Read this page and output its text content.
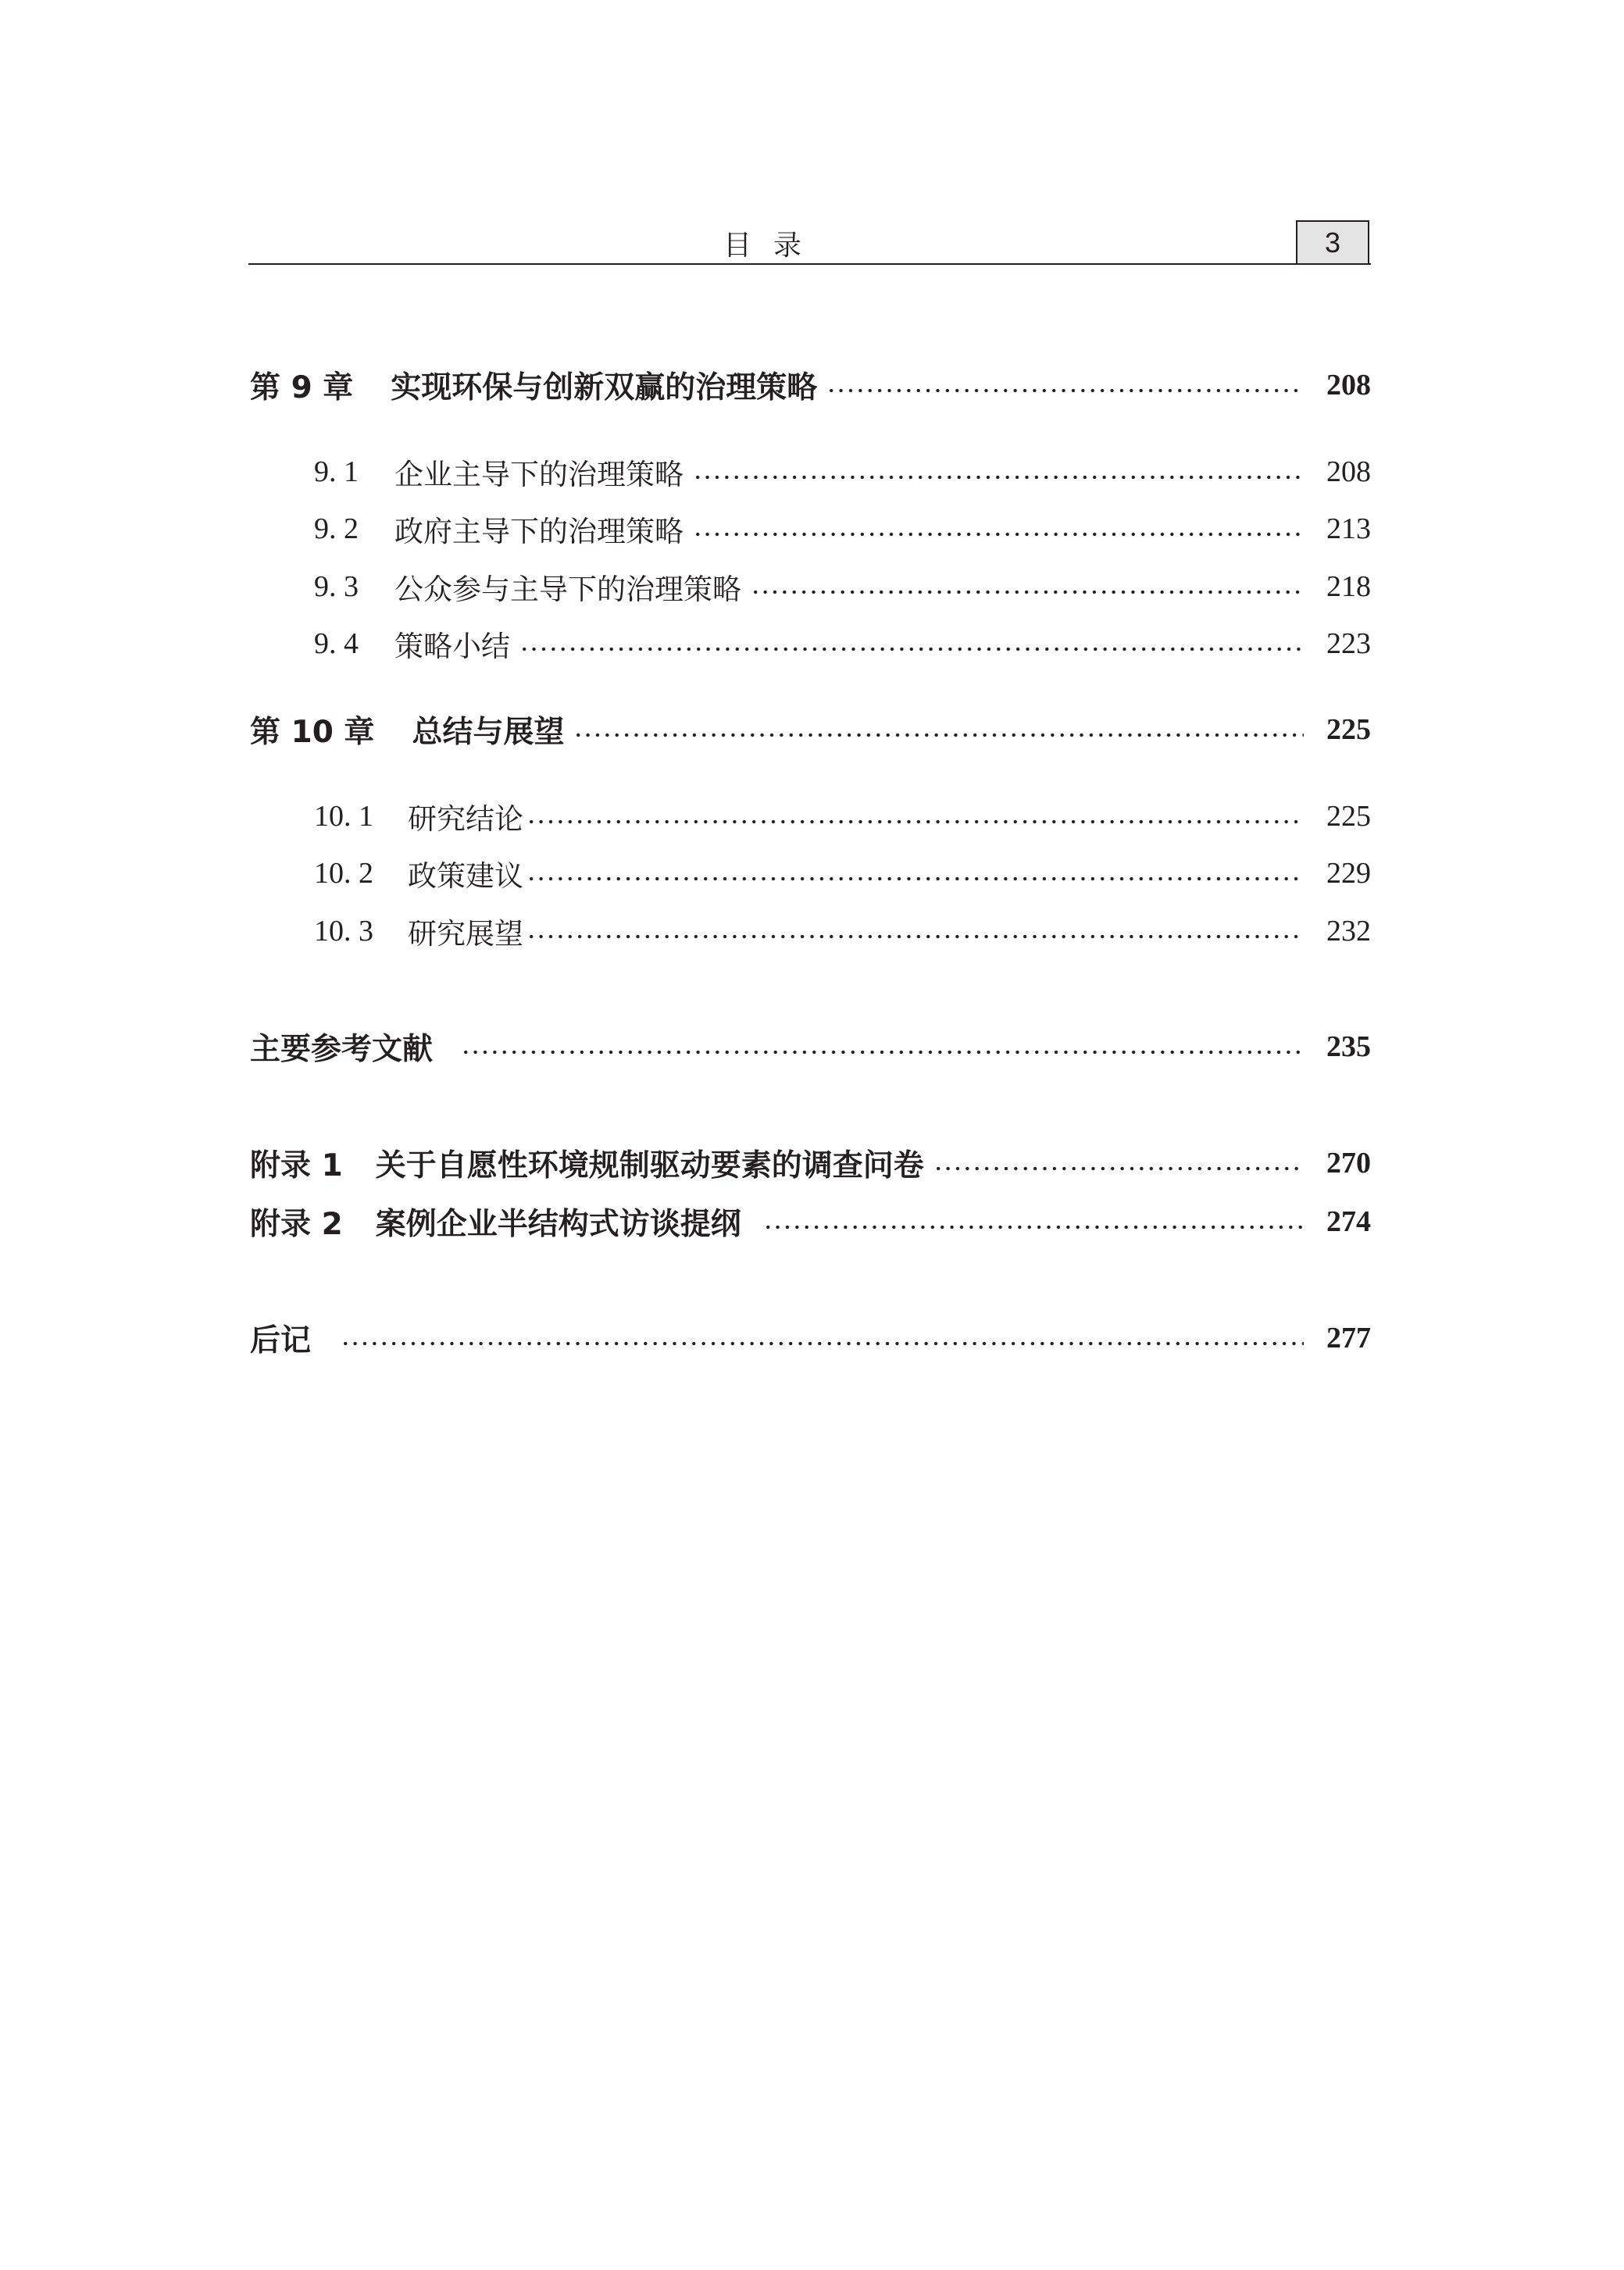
目录	3
第 9 章 实现环保与创新双赢的治理策略	208
9. 1 企业主导下的治理策略	208
9. 2 政府主导下的治理策略	213
9. 3 公众参与主导下的治理策略	218
9. 4 策略小结	223
第 10 章 总结与展望	225
10. 1 研究结论	225
10. 2 政策建议	229
10. 3 研究展望	232
主要参考文献	235
附录 1 关于自愿性环境规制驱动要素的调查问卷	270
附录 2 案例企业半结构式访谈提纲	274
后记	277
